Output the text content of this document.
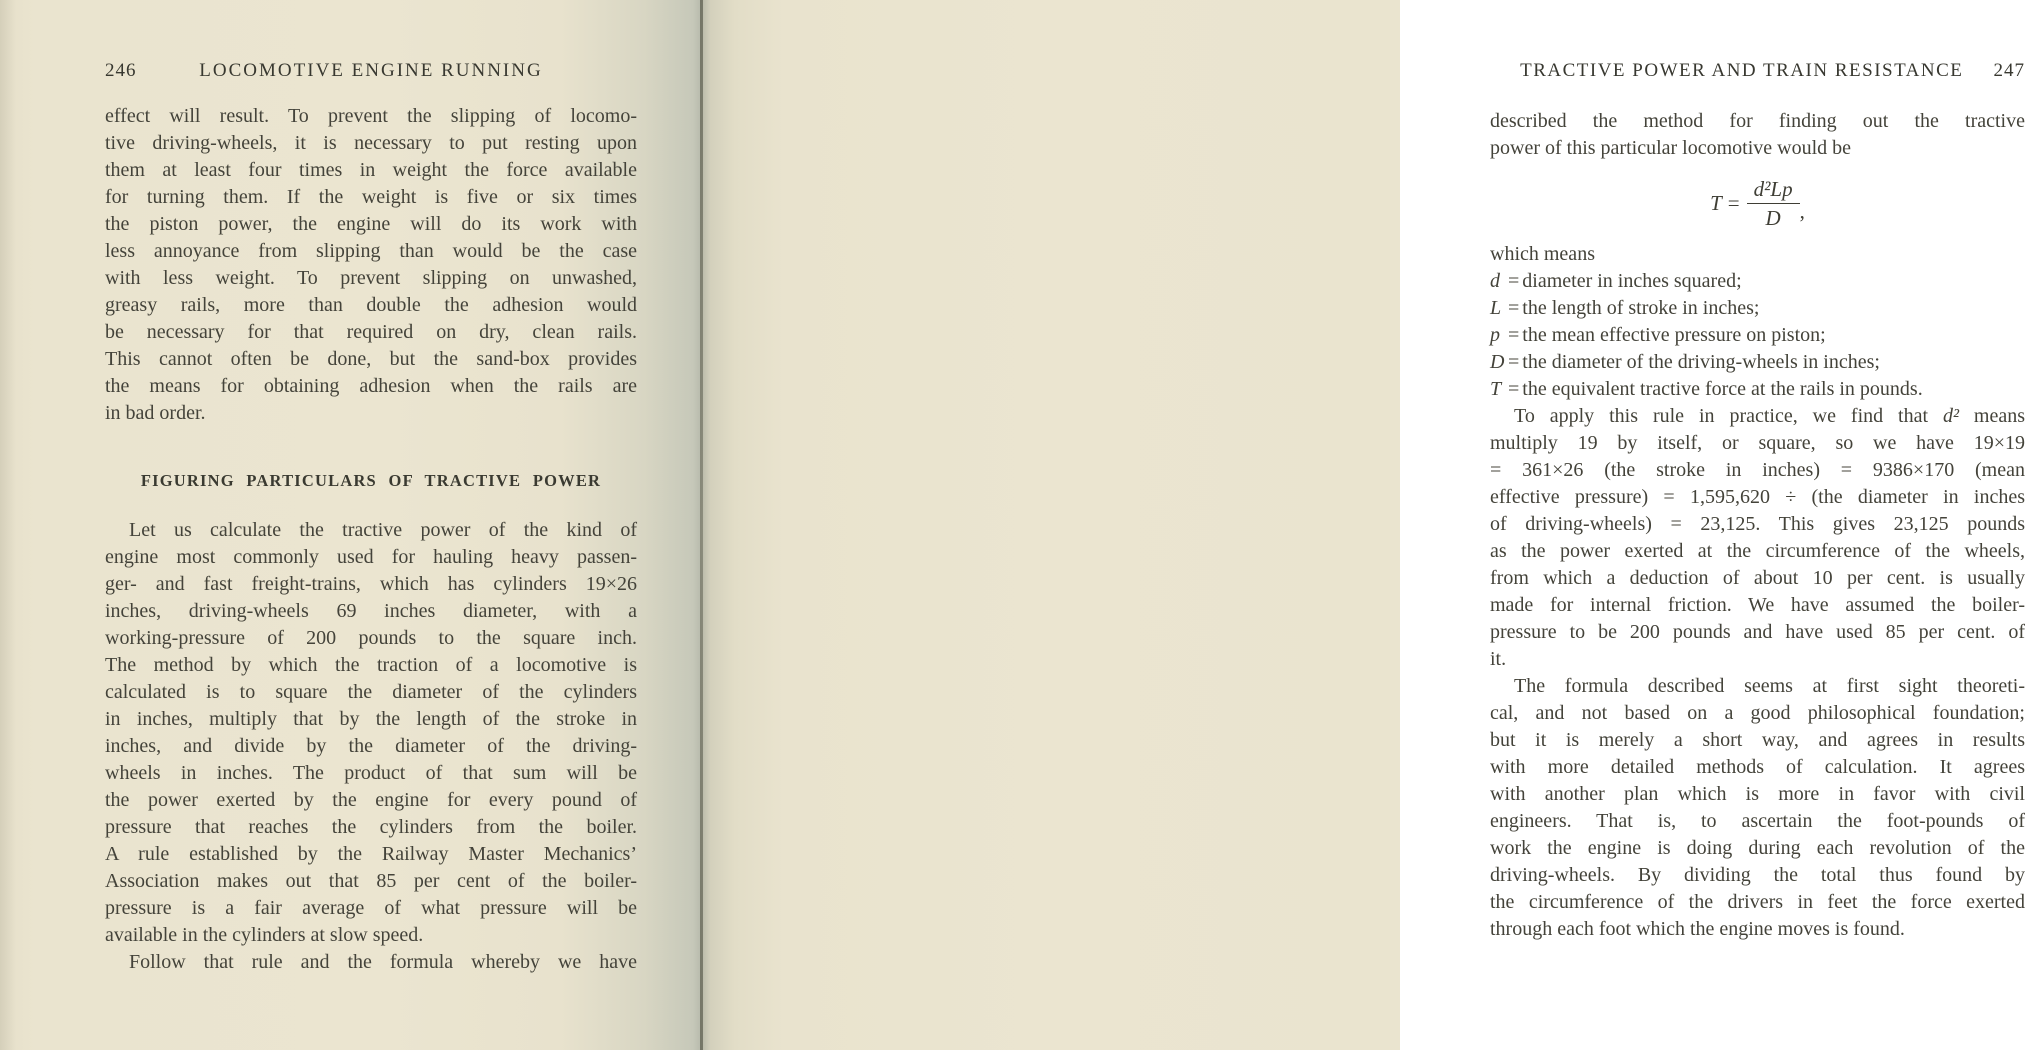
246	LOCOMOTIVE ENGINE RUNNING
effect will result. To prevent the slipping of locomo-
tive driving-wheels, it is necessary to put resting upon
them at least four times in weight the force available
for turning them. If the weight is five or six times
the piston power, the engine will do its work with
less annoyance from slipping than would be the case
with less weight. To prevent slipping on unwashed,
greasy rails, more than double the adhesion would
be necessary for that required on dry, clean rails.
This cannot often be done, but the sand-box provides
the means for obtaining adhesion when the rails are
in bad order.
FIGURING PARTICULARS OF TRACTIVE POWER
Let us calculate the tractive power of the kind of
engine most commonly used for hauling heavy passen-
ger- and fast freight-trains, which has cylinders 19×26
inches, driving-wheels 69 inches diameter, with a
working-pressure of 200 pounds to the square inch.
The method by which the traction of a locomotive is
calculated is to square the diameter of the cylinders
in inches, multiply that by the length of the stroke in
inches, and divide by the diameter of the driving-
wheels in inches. The product of that sum will be
the power exerted by the engine for every pound of
pressure that reaches the cylinders from the boiler.
A rule established by the Railway Master Mechanics’
Association makes out that 85 per cent of the boiler-
pressure is a fair average of what pressure will be
available in the cylinders at slow speed.
Follow that rule and the formula whereby we have
TRACTIVE POWER AND TRAIN RESISTANCE	247
described the method for finding out the tractive
power of this particular locomotive would be
$T = \frac{\text{d²Lp}}{D}$ ,
which means
d = diameter in inches squared;
L = the length of stroke in inches;
p = the mean effective pressure on piston;
D = the diameter of the driving-wheels in inches;
T = the equivalent tractive force at the rails in pounds.
To apply this rule in practice, we find that d² means
multiply 19 by itself, or square, so we have 19×19
= 361×26 (the stroke in inches) = 9386×170 (mean
effective pressure) = 1,595,620 ÷ (the diameter in inches
of driving-wheels) = 23,125. This gives 23,125 pounds
as the power exerted at the circumference of the wheels,
from which a deduction of about 10 per cent. is usually
made for internal friction. We have assumed the boiler-
pressure to be 200 pounds and have used 85 per cent. of
it.
The formula described seems at first sight theoreti-
cal, and not based on a good philosophical foundation;
but it is merely a short way, and agrees in results
with more detailed methods of calculation. It agrees
with another plan which is more in favor with civil
engineers. That is, to ascertain the foot-pounds of
work the engine is doing during each revolution of the
driving-wheels. By dividing the total thus found by
the circumference of the drivers in feet the force exerted
through each foot which the engine moves is found.
